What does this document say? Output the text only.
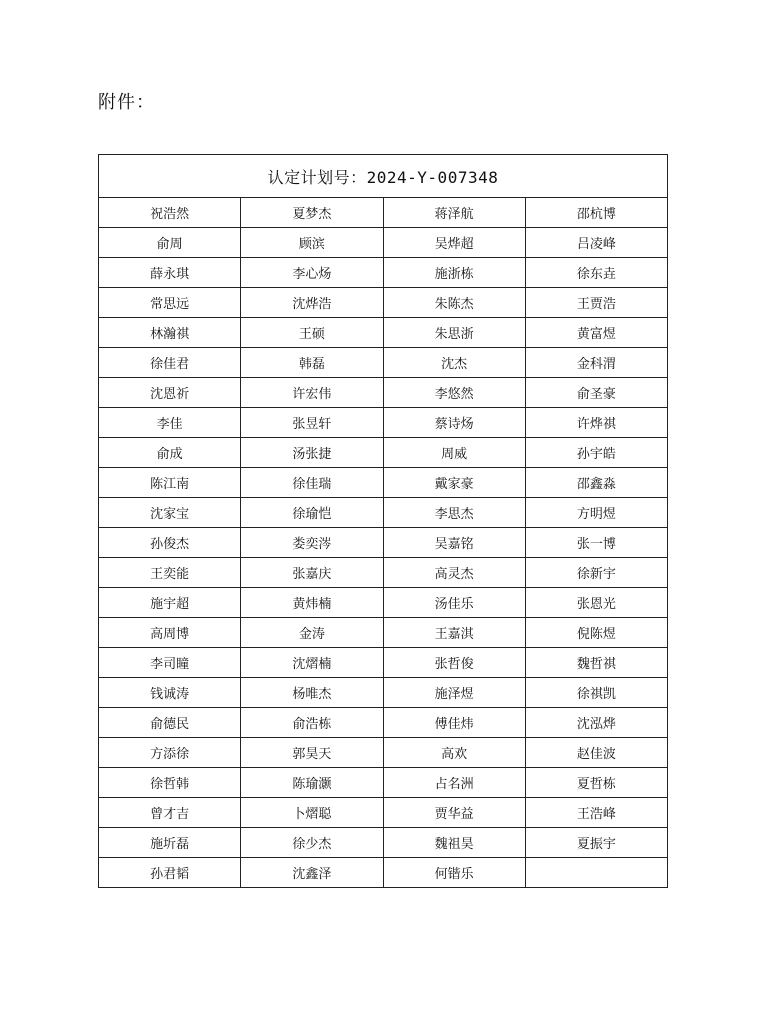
附件：
认定计划号：2024-Y-007348			
祝浩然	夏梦杰	蒋泽航	邵杭博
俞周	顾滨	吴烨超	吕凌峰
薛永琪	李心炀	施浙栋	徐东垚
常思远	沈烨浩	朱陈杰	王贾浩
林瀚祺	王硕	朱思浙	黄富煜
徐佳君	韩磊	沈杰	金科渭
沈恩祈	许宏伟	李悠然	俞圣豪
李佳	张昱轩	蔡诗炀	许烨祺
俞成	汤张捷	周威	孙宇皓
陈江南	徐佳瑞	戴家豪	邵鑫淼
沈家宝	徐瑜恺	李思杰	方明煜
孙俊杰	娄奕涔	吴嘉铭	张一博
王奕能	张嘉庆	高灵杰	徐新宇
施宇超	黄炜楠	汤佳乐	张恩光
高周博	金涛	王嘉淇	倪陈煜
李司瞳	沈熠楠	张哲俊	魏哲祺
钱诚涛	杨唯杰	施泽煜	徐祺凯
俞德民	俞浩栋	傅佳炜	沈泓烨
方添徐	郭昊天	高欢	赵佳波
徐哲韩	陈瑜灏	占名洲	夏哲栋
曾才吉	卜熠聪	贾华益	王浩峰
施圻磊	徐少杰	魏祖昊	夏振宇
孙君韬	沈鑫泽	何锴乐	
